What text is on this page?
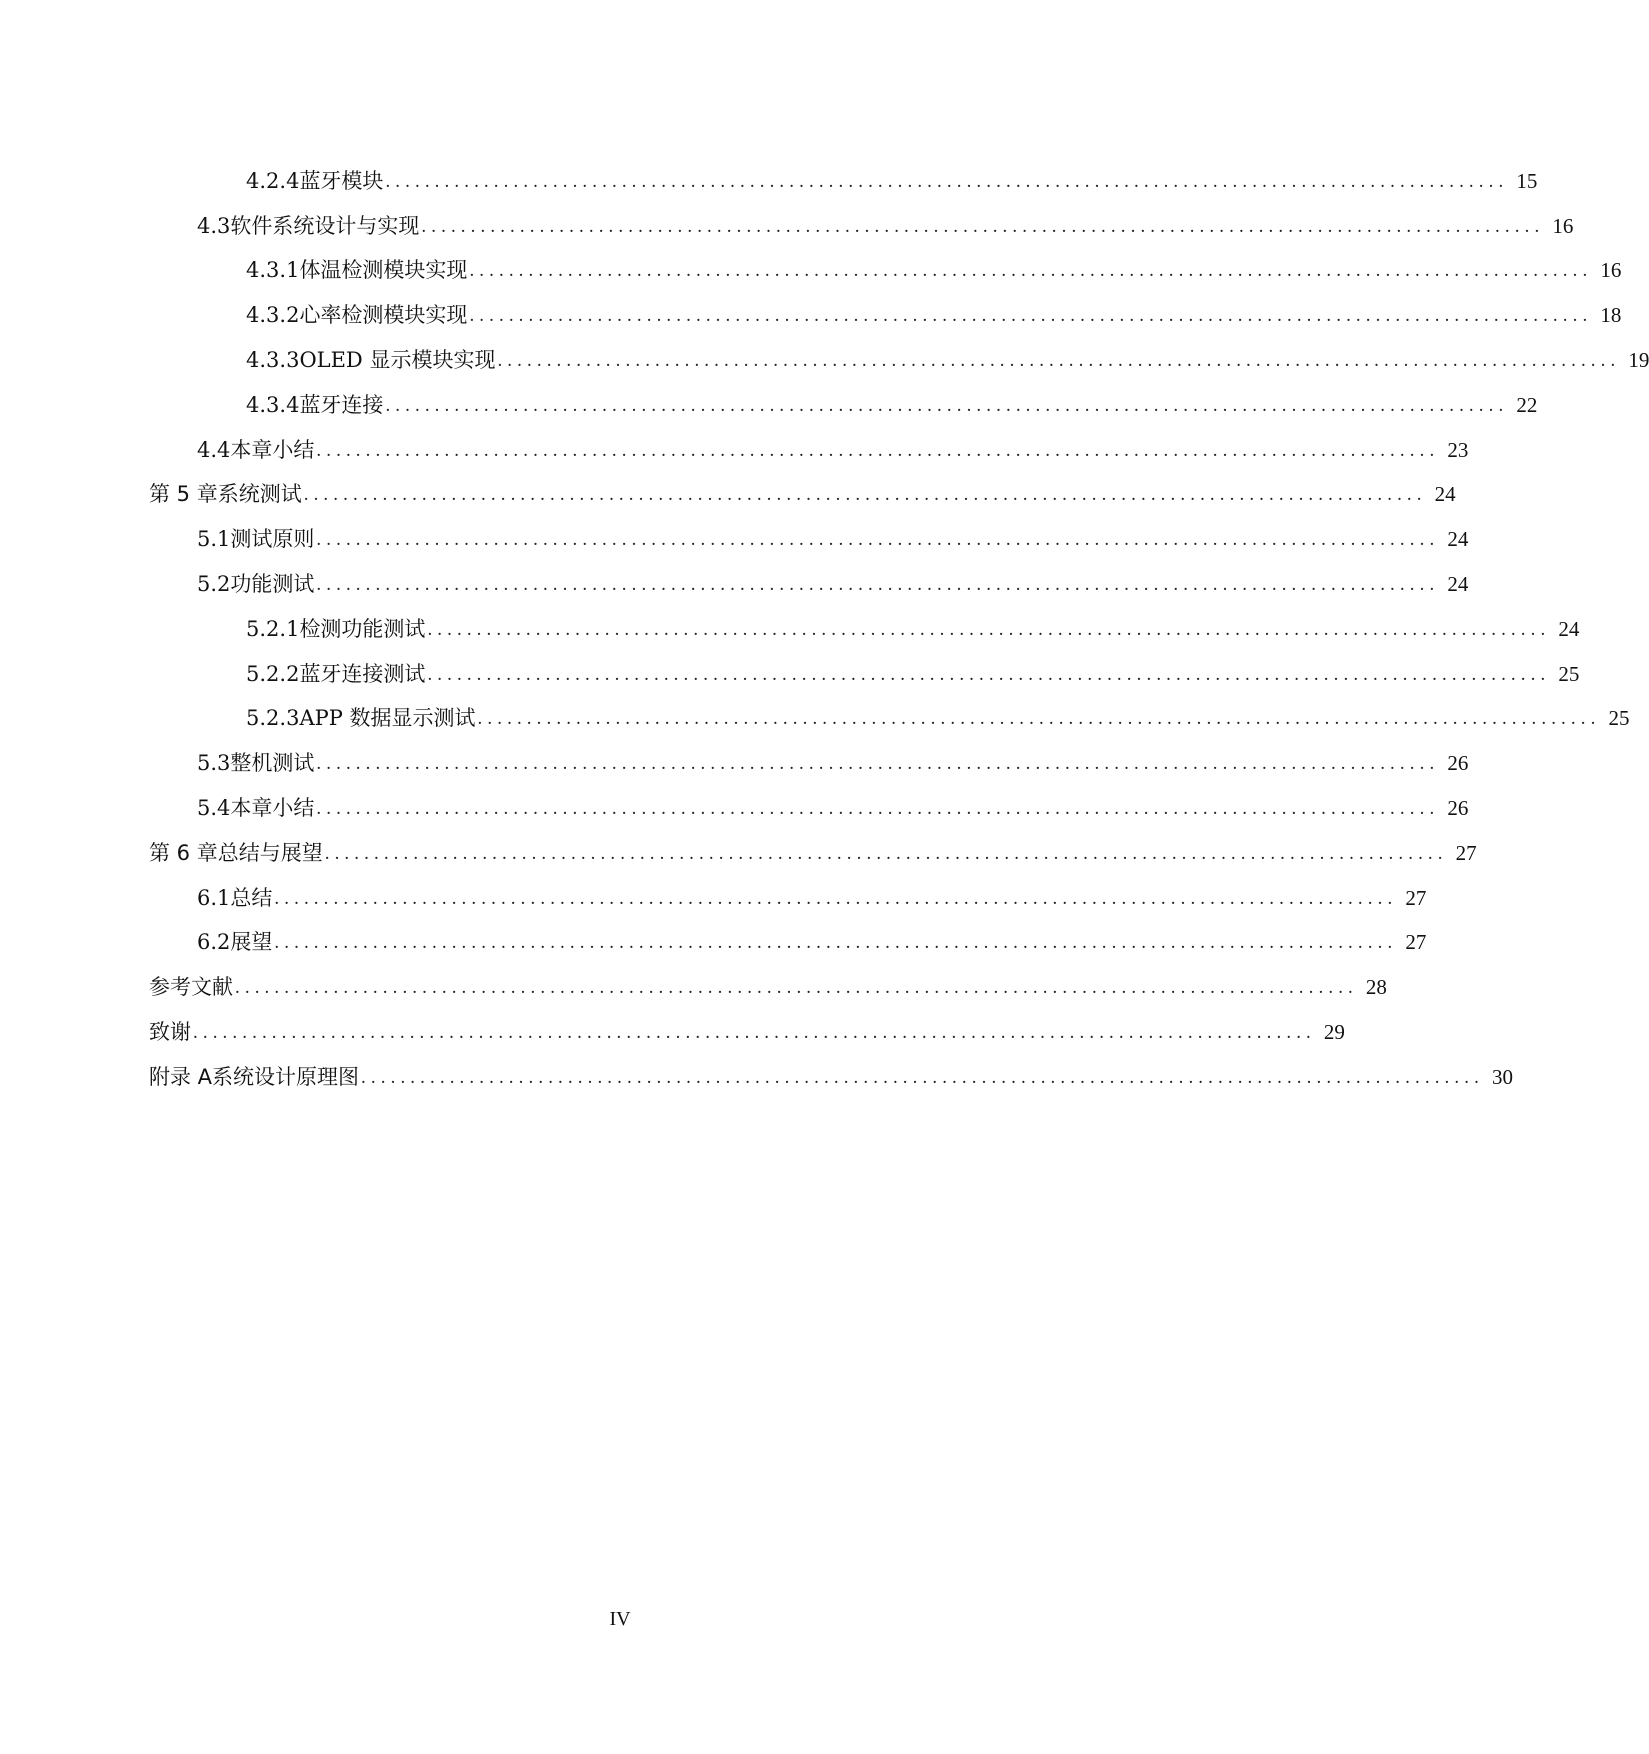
4.2.4 蓝牙模块 .................................................................................................................. 15
4.3 软件系统设计与实现 .................................................................................................................. 16
4.3.1 体温检测模块实现 .................................................................................................................. 16
4.3.2 心率检测模块实现 .................................................................................................................. 18
4.3.3 OLED 显示模块实现 .................................................................................................................. 19
4.3.4 蓝牙连接 .................................................................................................................. 22
4.4 本章小结 .................................................................................................................. 23
第 5 章 系统测试 .................................................................................................................. 24
5.1 测试原则 .................................................................................................................. 24
5.2 功能测试 .................................................................................................................. 24
5.2.1 检测功能测试 .................................................................................................................. 24
5.2.2 蓝牙连接测试 .................................................................................................................. 25
5.2.3 APP 数据显示测试 .................................................................................................................. 25
5.3 整机测试 .................................................................................................................. 26
5.4 本章小结 .................................................................................................................. 26
第 6 章 总结与展望 .................................................................................................................. 27
6.1 总结 .................................................................................................................. 27
6.2 展望 .................................................................................................................. 27
参考文献 .................................................................................................................. 28
致 谢 .................................................................................................................. 29
附录 A 系统设计原理图 .................................................................................................................. 30
IV
